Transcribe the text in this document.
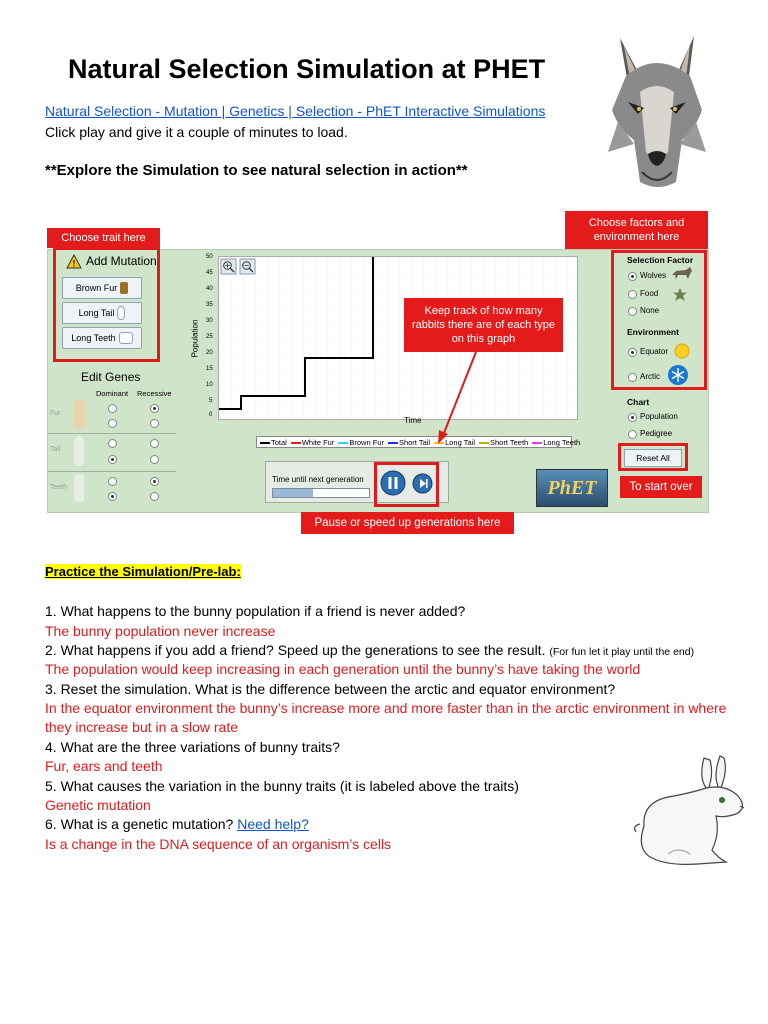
Natural Selection Simulation at PHET
Natural Selection - Mutation | Genetics | Selection - PhET Interactive Simulations
Click play and give it a couple of minutes to load.
**Explore the Simulation to see natural selection in action**
Choose trait here
Choose factors and environment here
! Add Mutation
Brown Fur
Long Tail
Long Teeth
Edit Genes
Dominant Recessive
Fur
Tail
Teeth
Population
50
45
40
35
30
25
20
15
10
5
0
Time
Total	White Fur	Brown Fur	Short Tail	Long Tail	Short Teeth	Long Teeth
Keep track of how many rabbits there are of each type on this graph
Time until next generation	PhET
Selection Factor
Wolves
Food
None
Environment
Equator
Arctic
Chart
Population
Pedigree
Reset All
To start over
Pause or speed up generations here
Practice the Simulation/Pre-lab:
1. What happens to the bunny population if a friend is never added?
The bunny population never increase
2. What happens if you add a friend? Speed up the generations to see the result. (For fun let it play until the end)
The population would keep increasing in each generation until the bunny’s have taking the world
3. Reset the simulation. What is the difference between the arctic and equator environment?
In the equator environment the bunny’s increase more and more faster than in the arctic environment in where
they increase but in a slow rate
4. What are the three variations of bunny traits?
Fur, ears and teeth
5. What causes the variation in the bunny traits (it is labeled above the traits)
Genetic mutation
6. What is a genetic mutation? Need help?
Is a change in the DNA sequence of an organism’s cells
